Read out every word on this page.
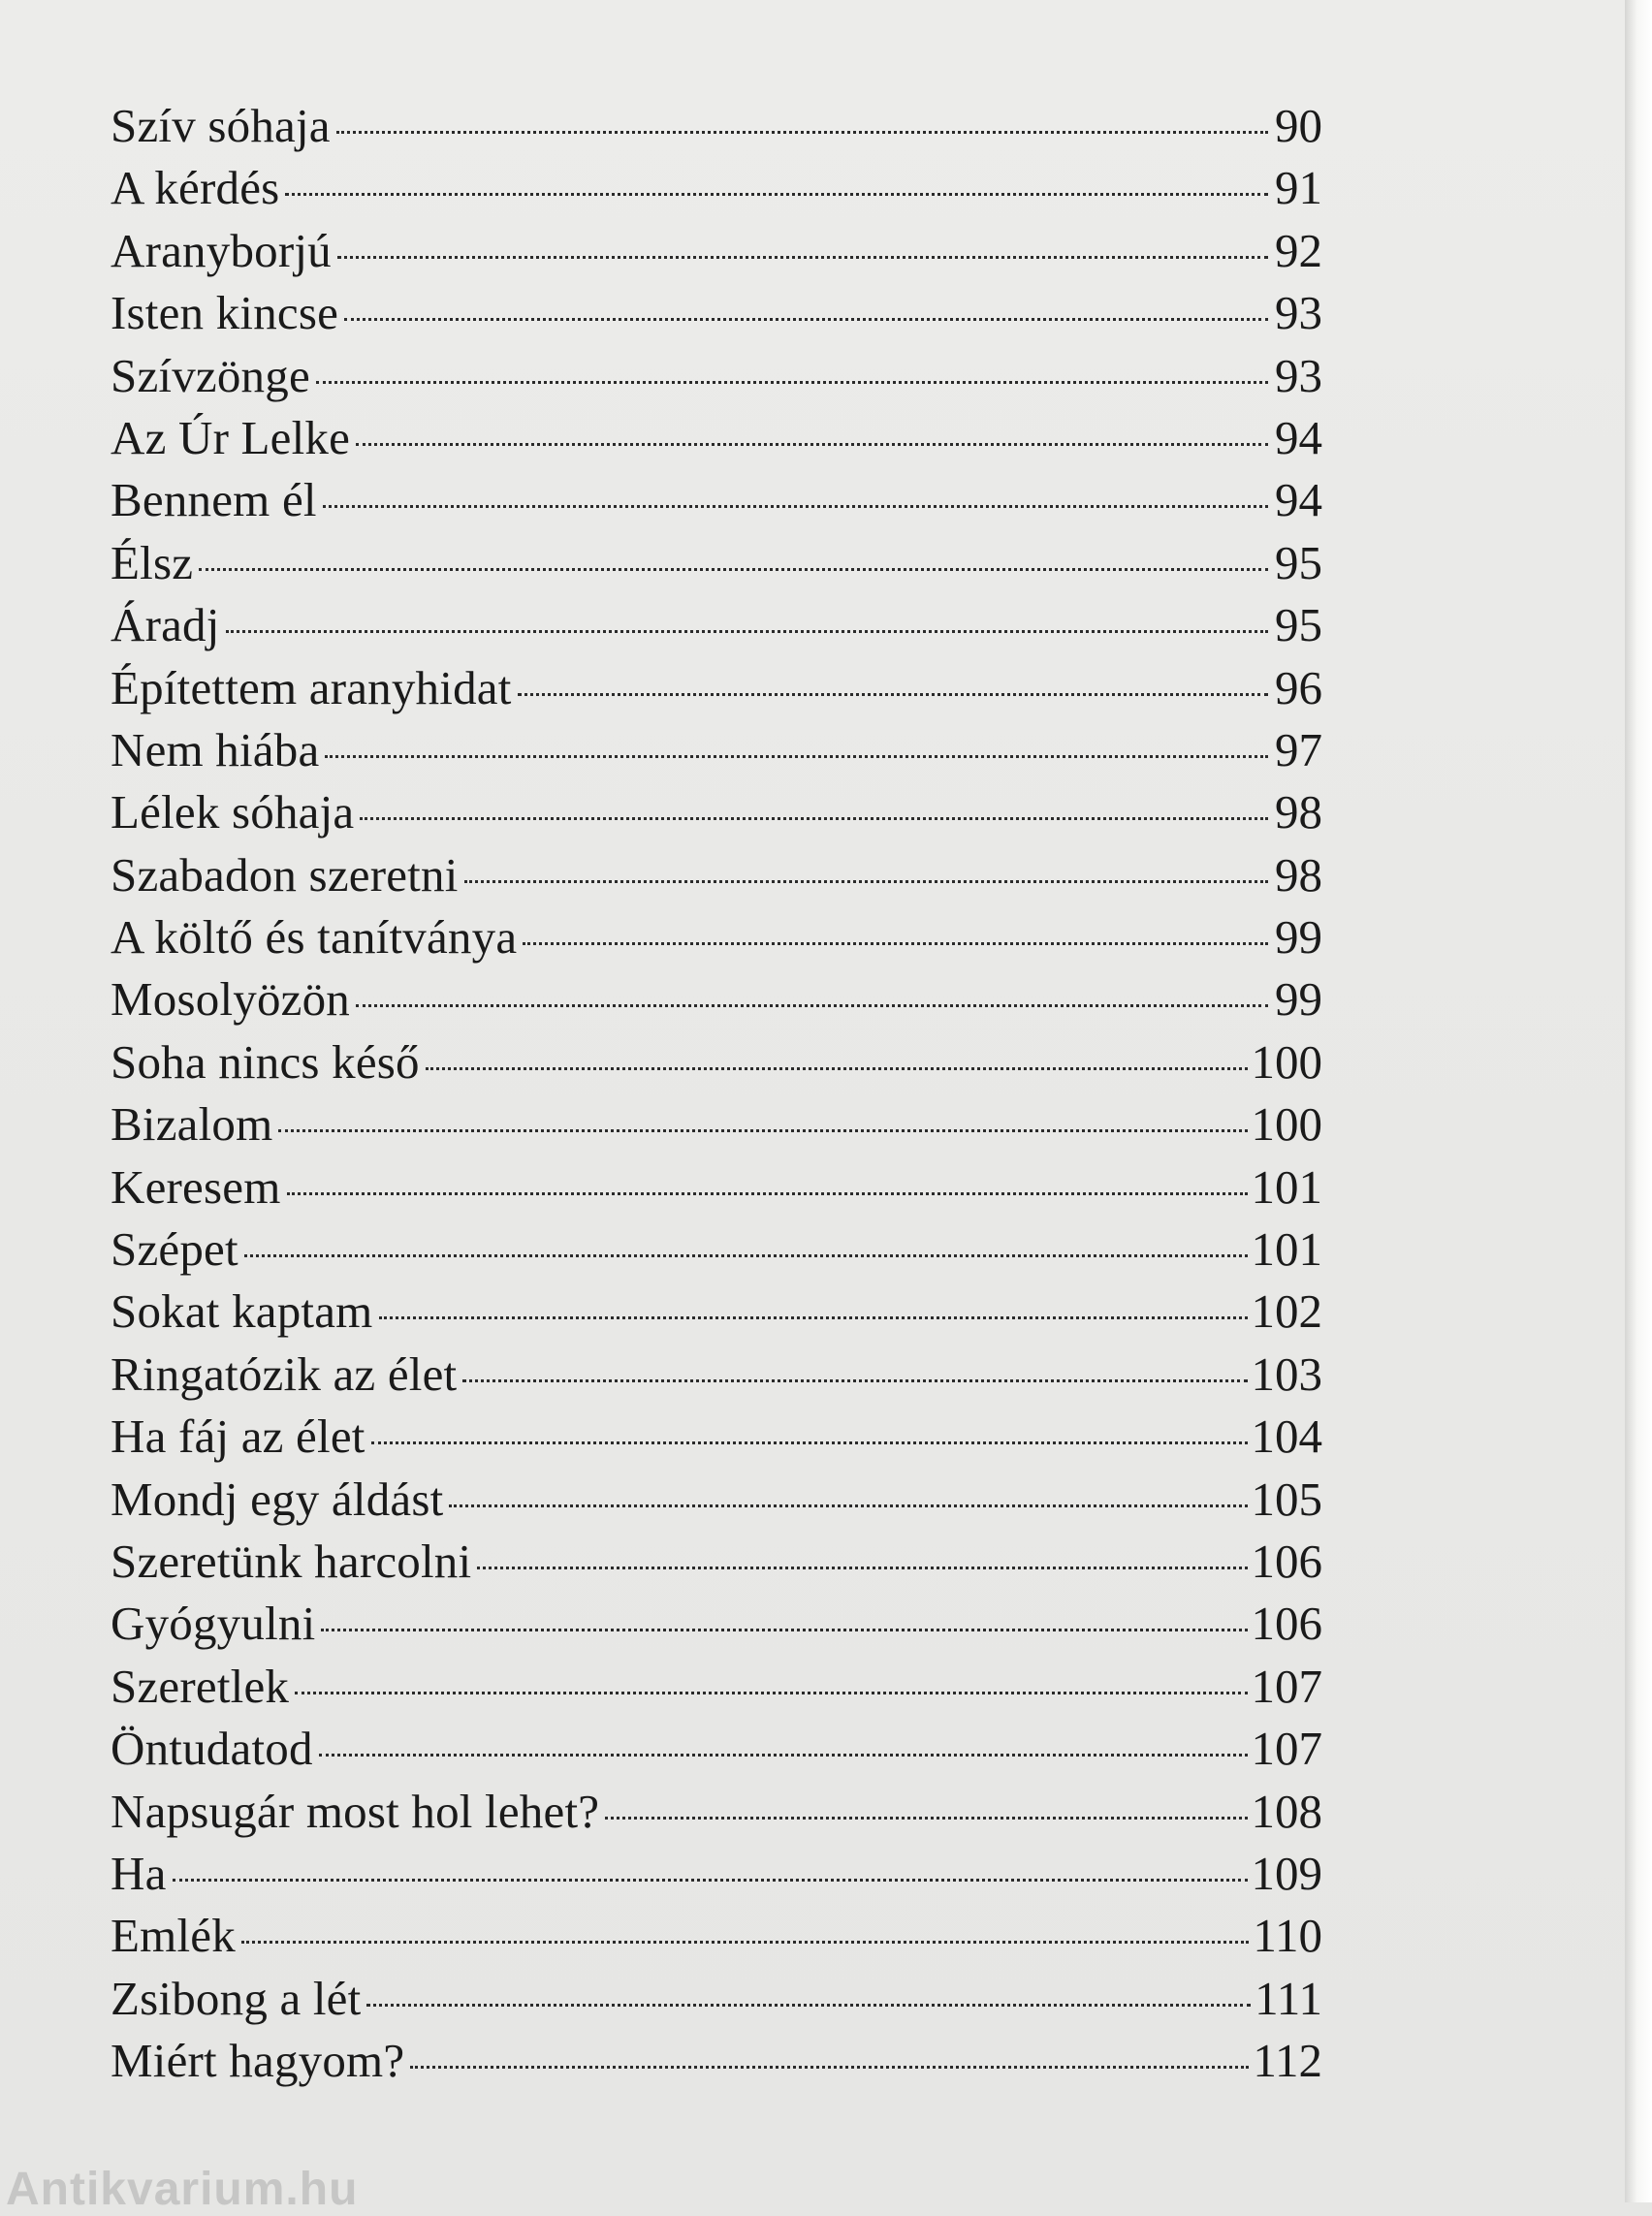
Szív sóhaja	90
A kérdés	91
Aranyborjú	92
Isten kincse	93
Szívzönge	93
Az Úr Lelke	94
Bennem él	94
Élsz	95
Áradj	95
Építettem aranyhidat	96
Nem hiába	97
Lélek sóhaja	98
Szabadon szeretni	98
A költő és tanítványa	99
Mosolyözön	99
Soha nincs késő	100
Bizalom	100
Keresem	101
Szépet	101
Sokat kaptam	102
Ringatózik az élet	103
Ha fáj az élet	104
Mondj egy áldást	105
Szeretünk harcolni	106
Gyógyulni	106
Szeretlek	107
Öntudatod	107
Napsugár most hol lehet?	108
Ha	109
Emlék	110
Zsibong a lét	111
Miért hagyom?	112
Antikvarium.hu
